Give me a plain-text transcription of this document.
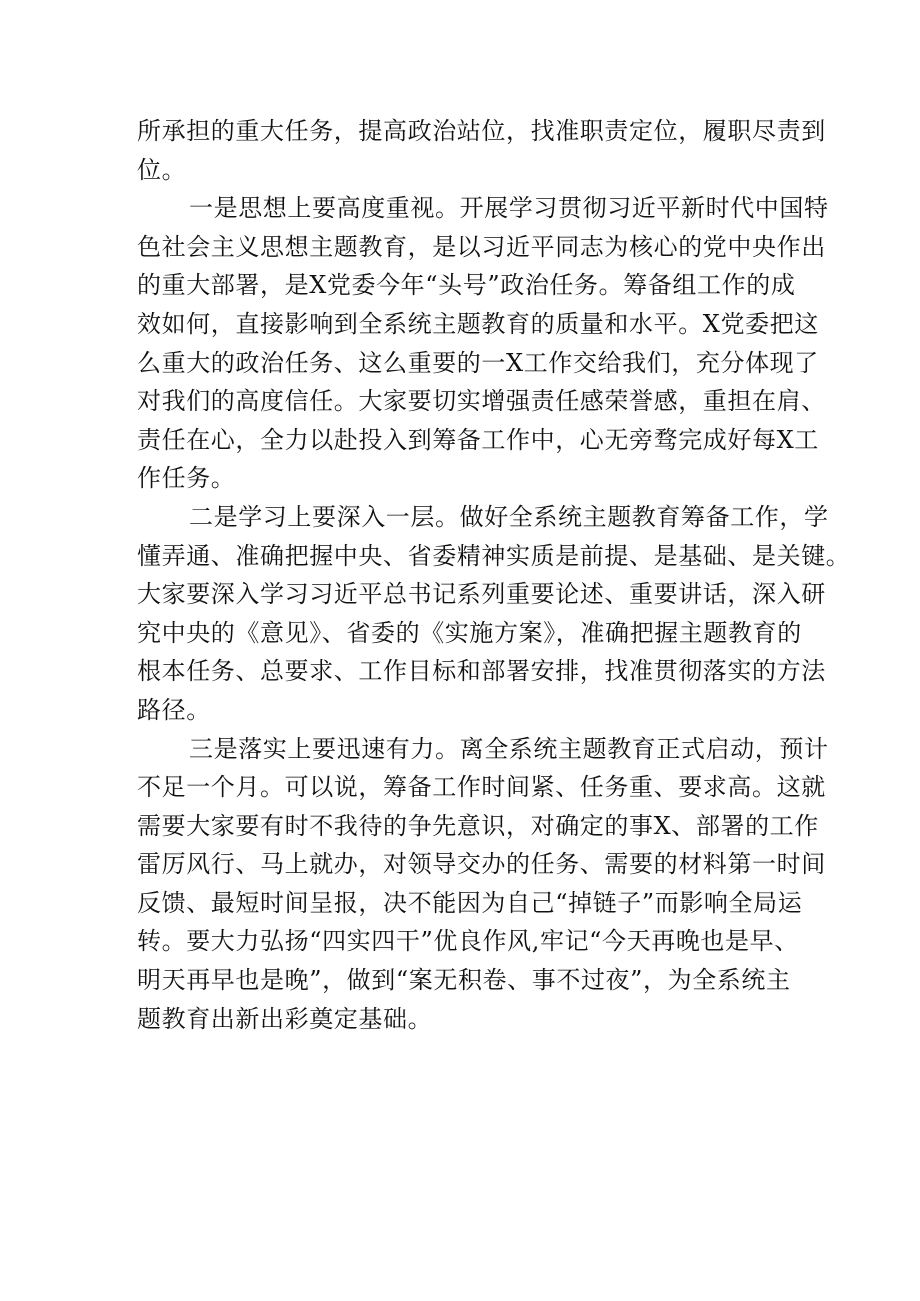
所承担的重大任务，提高政治站位，找准职责定位，履职尽责到
位。
一是思想上要高度重视。开展学习贯彻习近平新时代中国特
色社会主义思想主题教育，是以习近平同志为核心的党中央作出
的重大部署，是X党委今年“头号”政治任务。筹备组工作的成
效如何，直接影响到全系统主题教育的质量和水平。X党委把这
么重大的政治任务、这么重要的一X工作交给我们，充分体现了
对我们的高度信任。大家要切实增强责任感荣誉感，重担在肩、
责任在心，全力以赴投入到筹备工作中，心无旁骛完成好每X工
作任务。
二是学习上要深入一层。做好全系统主题教育筹备工作，学
懂弄通、准确把握中央、省委精神实质是前提、是基础、是关键。
大家要深入学习习近平总书记系列重要论述、重要讲话，深入研
究中央的《意见》、省委的《实施方案》，准确把握主题教育的
根本任务、总要求、工作目标和部署安排，找准贯彻落实的方法
路径。
三是落实上要迅速有力。离全系统主题教育正式启动，预计
不足一个月。可以说，筹备工作时间紧、任务重、要求高。这就
需要大家要有时不我待的争先意识，对确定的事X、部署的工作
雷厉风行、马上就办，对领导交办的任务、需要的材料第一时间
反馈、最短时间呈报，决不能因为自己“掉链子”而影响全局运
转。要大力弘扬“四实四干”优良作风,牢记“今天再晚也是早、
明天再早也是晚”，做到“案无积卷、事不过夜”，为全系统主
题教育出新出彩奠定基础。
